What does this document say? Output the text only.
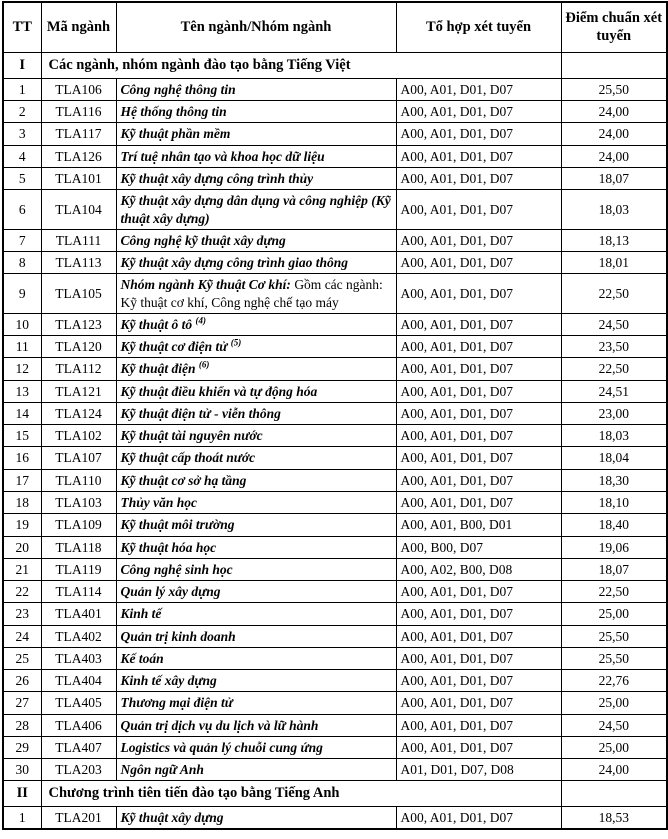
TT	Mã ngành	Tên ngành/Nhóm ngành	Tổ hợp xét tuyển	Điểm chuẩn xét tuyển
I	Các ngành, nhóm ngành đào tạo bằng Tiếng Việt			
1	TLA106	Công nghệ thông tin	A00, A01, D01, D07	25,50
2	TLA116	Hệ thống thông tin	A00, A01, D01, D07	24,00
3	TLA117	Kỹ thuật phần mềm	A00, A01, D01, D07	24,00
4	TLA126	Trí tuệ nhân tạo và khoa học dữ liệu	A00, A01, D01, D07	24,00
5	TLA101	Kỹ thuật xây dựng công trình thủy	A00, A01, D01, D07	18,07
6	TLA104	Kỹ thuật xây dựng dân dụng và công nghiệp (Kỹ thuật xây dựng)	A00, A01, D01, D07	18,03
7	TLA111	Công nghệ kỹ thuật xây dựng	A00, A01, D01, D07	18,13
8	TLA113	Kỹ thuật xây dựng công trình giao thông	A00, A01, D01, D07	18,01
9	TLA105	Nhóm ngành Kỹ thuật Cơ khí: Gồm các ngành: Kỹ thuật cơ khí, Công nghệ chế tạo máy	A00, A01, D01, D07	22,50
10	TLA123	Kỹ thuật ô tô $^{(4)}$	A00, A01, D01, D07	24,50
11	TLA120	Kỹ thuật cơ điện tử $^{(5)}$	A00, A01, D01, D07	23,50
12	TLA112	Kỹ thuật điện $^{(6)}$	A00, A01, D01, D07	22,50
13	TLA121	Kỹ thuật điều khiển và tự động hóa	A00, A01, D01, D07	24,51
14	TLA124	Kỹ thuật điện tử - viễn thông	A00, A01, D01, D07	23,00
15	TLA102	Kỹ thuật tài nguyên nước	A00, A01, D01, D07	18,03
16	TLA107	Kỹ thuật cấp thoát nước	A00, A01, D01, D07	18,04
17	TLA110	Kỹ thuật cơ sở hạ tầng	A00, A01, D01, D07	18,30
18	TLA103	Thủy văn học	A00, A01, D01, D07	18,10
19	TLA109	Kỹ thuật môi trường	A00, A01, B00, D01	18,40
20	TLA118	Kỹ thuật hóa học	A00, B00, D07	19,06
21	TLA119	Công nghệ sinh học	A00, A02, B00, D08	18,07
22	TLA114	Quản lý xây dựng	A00, A01, D01, D07	22,50
23	TLA401	Kinh tế	A00, A01, D01, D07	25,00
24	TLA402	Quản trị kinh doanh	A00, A01, D01, D07	25,50
25	TLA403	Kế toán	A00, A01, D01, D07	25,50
26	TLA404	Kinh tế xây dựng	A00, A01, D01, D07	22,76
27	TLA405	Thương mại điện tử	A00, A01, D01, D07	25,00
28	TLA406	Quản trị dịch vụ du lịch và lữ hành	A00, A01, D01, D07	24,50
29	TLA407	Logistics và quản lý chuỗi cung ứng	A00, A01, D01, D07	25,00
30	TLA203	Ngôn ngữ Anh	A01, D01, D07, D08	24,00
II	Chương trình tiên tiến đào tạo bằng Tiếng Anh			
1	TLA201	Kỹ thuật xây dựng	A00, A01, D01, D07	18,53
